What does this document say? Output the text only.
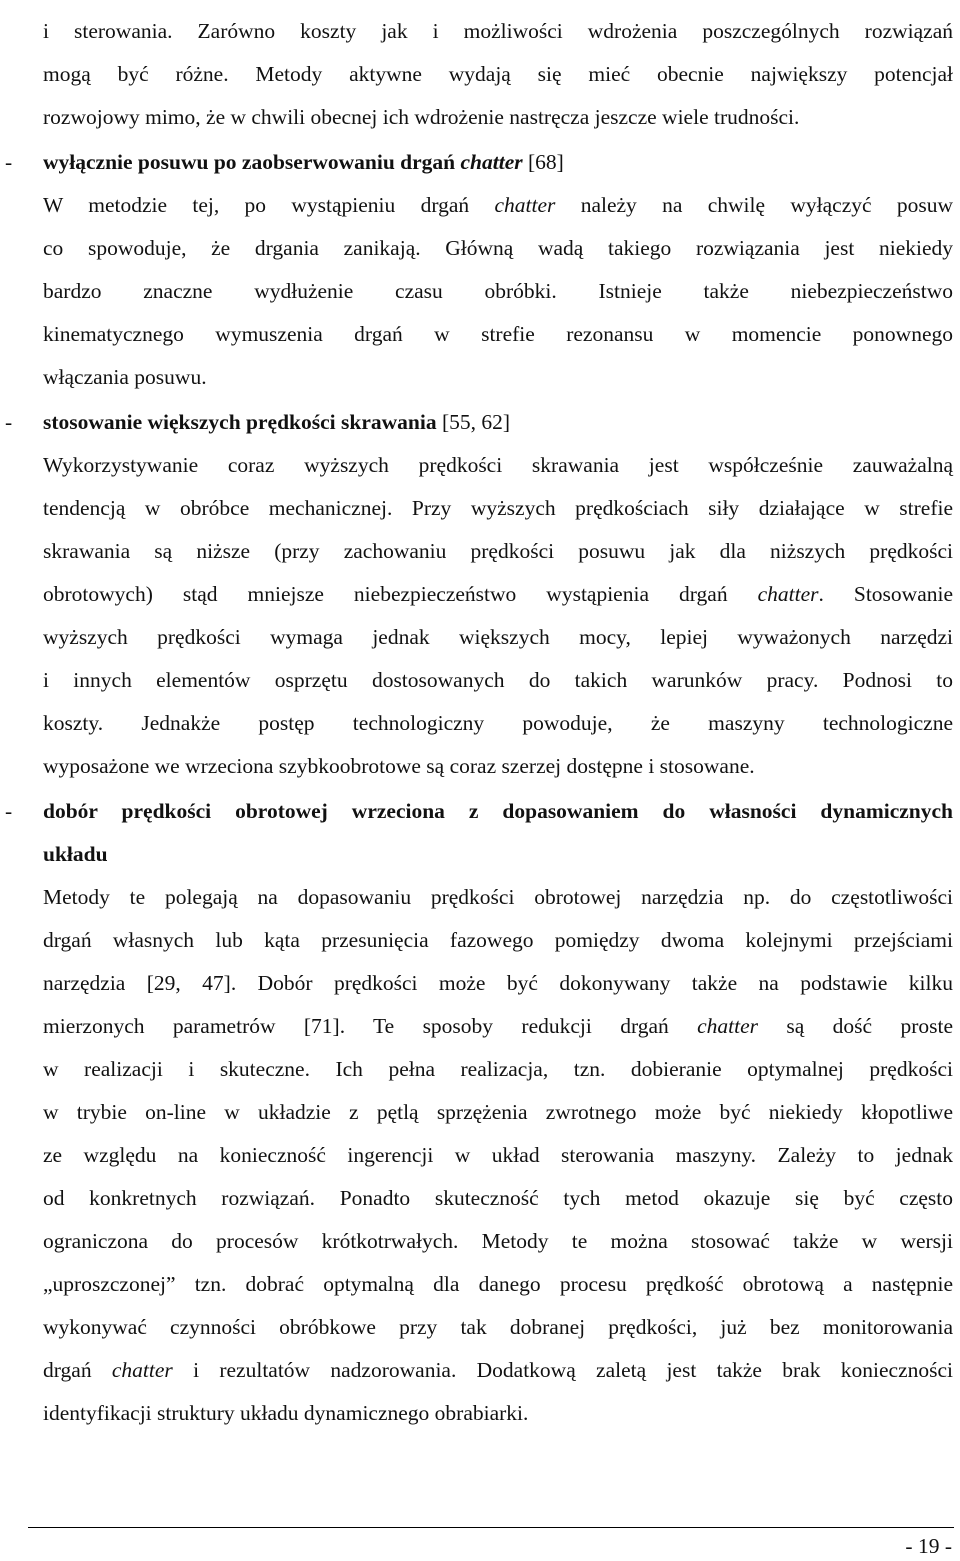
i sterowania. Zarówno koszty jak i możliwości wdrożenia poszczególnych rozwiązań
mogą być różne. Metody aktywne wydają się mieć obecnie największy potencjał
rozwojowy mimo, że w chwili obecnej ich wdrożenie nastręcza jeszcze wiele trudności.
- wyłącznie posuwu po zaobserwowaniu drgań chatter [68]
W metodzie tej, po wystąpieniu drgań chatter należy na chwilę wyłączyć posuw
co spowoduje, że drgania zanikają. Główną wadą takiego rozwiązania jest niekiedy
bardzo znaczne wydłużenie czasu obróbki. Istnieje także niebezpieczeństwo
kinematycznego wymuszenia drgań w strefie rezonansu w momencie ponownego
włączania posuwu.
- stosowanie większych prędkości skrawania [55, 62]
Wykorzystywanie coraz wyższych prędkości skrawania jest współcześnie zauważalną
tendencją w obróbce mechanicznej. Przy wyższych prędkościach siły działające w strefie
skrawania są niższe (przy zachowaniu prędkości posuwu jak dla niższych prędkości
obrotowych) stąd mniejsze niebezpieczeństwo wystąpienia drgań chatter. Stosowanie
wyższych prędkości wymaga jednak większych mocy, lepiej wyważonych narzędzi
i innych elementów osprzętu dostosowanych do takich warunków pracy. Podnosi to
koszty. Jednakże postęp technologiczny powoduje, że maszyny technologiczne
wyposażone we wrzeciona szybkoobrotowe są coraz szerzej dostępne i stosowane.
- dobór prędkości obrotowej wrzeciona z dopasowaniem do własności dynamicznych
układu
Metody te polegają na dopasowaniu prędkości obrotowej narzędzia np. do częstotliwości
drgań własnych lub kąta przesunięcia fazowego pomiędzy dwoma kolejnymi przejściami
narzędzia [29, 47]. Dobór prędkości może być dokonywany także na podstawie kilku
mierzonych parametrów [71]. Te sposoby redukcji drgań chatter są dość proste
w realizacji i skuteczne. Ich pełna realizacja, tzn. dobieranie optymalnej prędkości
w trybie on-line w układzie z pętlą sprzężenia zwrotnego może być niekiedy kłopotliwe
ze względu na konieczność ingerencji w układ sterowania maszyny. Zależy to jednak
od konkretnych rozwiązań. Ponadto skuteczność tych metod okazuje się być często
ograniczona do procesów krótkotrwałych. Metody te można stosować także w wersji
„uproszczonej” tzn. dobrać optymalną dla danego procesu prędkość obrotową a następnie
wykonywać czynności obróbkowe przy tak dobranej prędkości, już bez monitorowania
drgań chatter i rezultatów nadzorowania. Dodatkową zaletą jest także brak konieczności
identyfikacji struktury układu dynamicznego obrabiarki.
- 19 -
